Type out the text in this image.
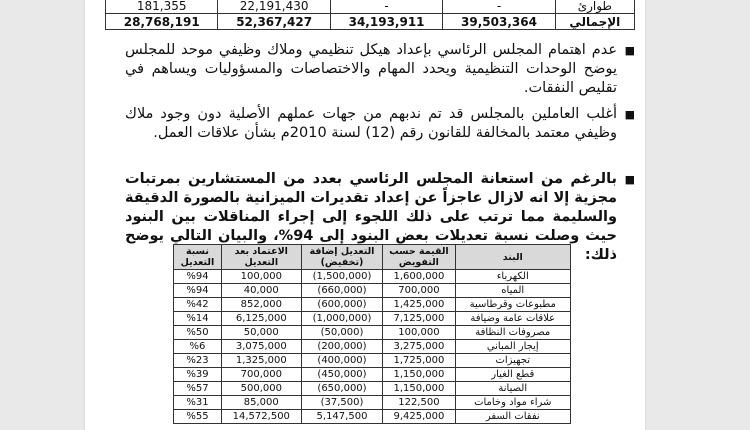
طوارئ	-	-	22,191,430	181,355
الإجمالي	39,503,364	34,193,911	52,367,427	28,768,191
■
عدم اهتمام المجلس الرئاسي بإعداد هيكل تنظيمي وملاك وظيفي موحد للمجلس يوضح الوحدات التنظيمية ويحدد المهام والاختصاصات والمسؤوليات ويساهم في تقليص النفقات.
■
أغلب العاملين بالمجلس قد تم ندبهم من جهات عملهم الأصلية دون وجود ملاك وظيفي معتمد بالمخالفة للقانون رقم (12) لسنة 2010م بشأن علاقات العمل.
■
بالرغم من استعانة المجلس الرئاسي بعدد من المستشارين بمرتبات مجزية إلا انه لازال عاجزاً عن إعداد تقديرات الميزانية بالصورة الدقيقة والسليمة مما ترتب على ذلك اللجوء إلى إجراء المناقلات بين البنود حيث وصلت نسبة تعديلات بعض البنود إلى 94%، والبيان التالي يوضح ذلك:
البند	القيمة حسب التفويض	التعديل إضافة (تخفيض)	الاعتماد بعد التعديل	نسبة التعديل
الكهرباء	1,600,000	(1,500,000)	100,000	%94
المياه	700,000	(660,000)	40,000	%94
مطبوعات وقرطاسية	1,425,000	(600,000)	852,000	%42
علاقات عامة وضيافة	7,125,000	(1,000,000)	6,125,000	%14
مصروفات النظافة	100,000	(50,000)	50,000	%50
إيجار المباني	3,275,000	(200,000)	3,075,000	%6
تجهيزات	1,725,000	(400,000)	1,325,000	%23
قطع الغيار	1,150,000	(450,000)	700,000	%39
الصيانة	1,150,000	(650,000)	500,000	%57
شراء مواد وخامات	122,500	(37,500)	85,000	%31
نفقات السفر	9,425,000	5,147,500	14,572,500	%55
